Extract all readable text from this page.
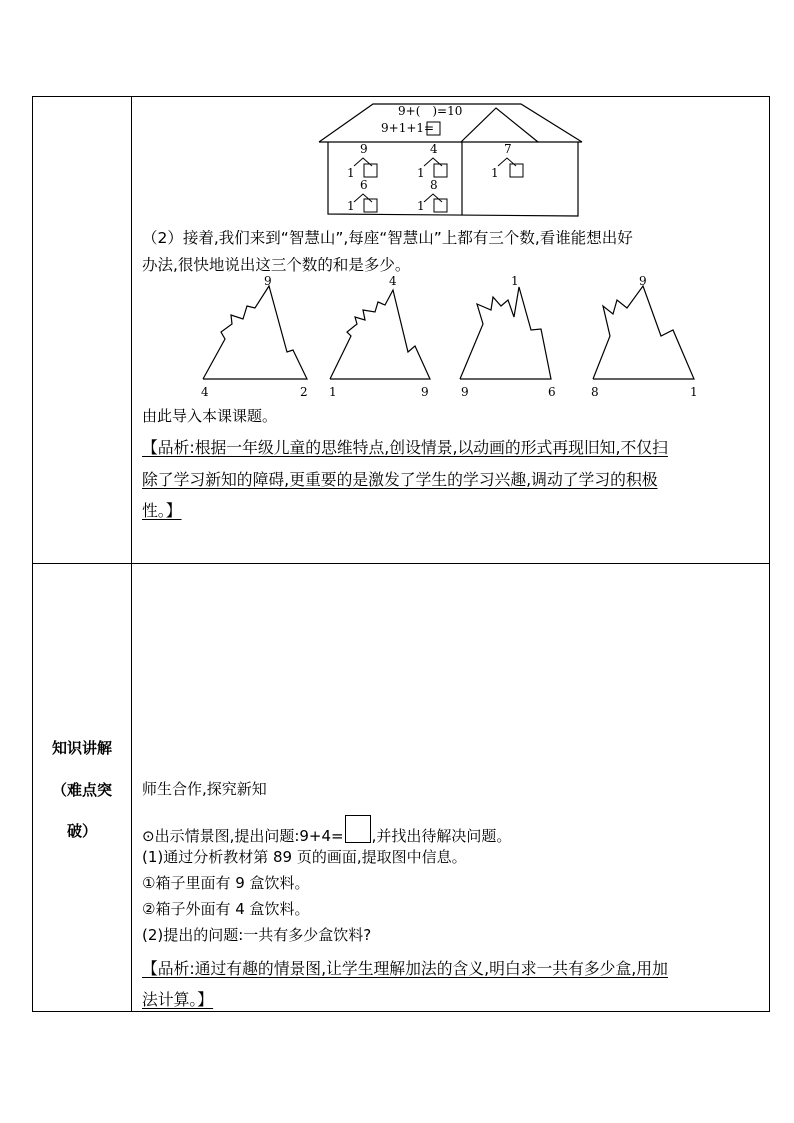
9+(　)=10
9+1+1=
9
1
4
1
6
1
8
1
7
1
（2）接着,我们来到“智慧山”,每座“智慧山”上都有三个数,看谁能想出好
办法,很快地说出这三个数的和是多少。
9
4	2
4
1	9
1
9	6
9
8	1
由此导入本课课题。
【品析:根据一年级儿童的思维特点,创设情景,以动画的形式再现旧知,不仅扫
除了学习新知的障碍,更重要的是激发了学生的学习兴趣,调动了学习的积极
性。】
知识讲解
（难点突
破）
师生合作,探究新知
⊙出示情景图,提出问题:9+4= ,并找出待解决问题。
(1)通过分析教材第 89 页的画面,提取图中信息。
①箱子里面有 9 盒饮料。
②箱子外面有 4 盒饮料。
(2)提出的问题:一共有多少盒饮料?
【品析:通过有趣的情景图,让学生理解加法的含义,明白求一共有多少盒,用加
法计算。】
